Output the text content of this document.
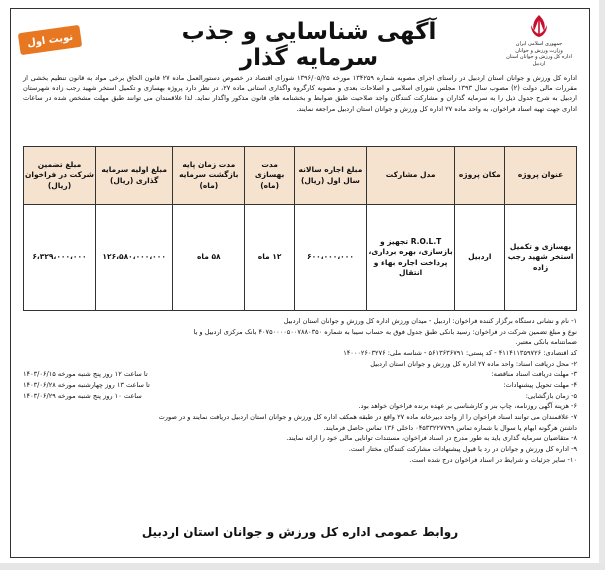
جمهوری اسلامی ایران
وزارت ورزش و جوانان
اداره کل ورزش و جوانان استان اردبیل
آگهی شناسایی و جذب سرمایه گذار
نوبت اول
اداره کل ورزش و جوانان استان اردبیل در راستای اجرای مصوبه شماره ۱۳۴۲۵۹ مورخه ۱۳۹۶/۰۵/۲۵ شورای اقتصاد در خصوص دستورالعمل ماده ۲۷ قانون الحاق برخی مواد به قانون تنظیم بخشی از مقررات مالی دولت (۲) مصوب سال ۱۳۹۳ مجلس شورای اسلامی و اصلاحات بعدی و مصوبه کارگروه واگذاری استانی ماده ۲۷، در نظر دارد پروژه بهسازی و تکمیل استخر شهید رجب زاده شهرستان اردبیل به شرح جدول ذیل را به سرمایه گذاران و مشارکت کنندگان واجد صلاحیت طبق ضوابط و بخشنامه های قانون مذکور واگذار نماید. لذا علاقمندان می توانند طبق مهلت مشخص شده در ساعات اداری جهت تهیه اسناد فراخوان، به واحد ماده ۲۷ اداره کل ورزش و جوانان استان اردبیل مراجعه نمایند.
عنوان پروژه	مکان پروژه	مدل مشارکت	مبلغ اجاره سالانه سال اول (ریال)	مدت بهسازی (ماه)	مدت زمان پایه بازگشت سرمایه (ماه)	مبلغ اولیه سرمایه گذاری (ریال)	مبلغ تضمین شرکت در فراخوان (ریال)
بهسازی و تکمیل استخر شهید رجب زاده	اردبیل	R.O.L.T تجهیز و بازسازی، بهره برداری، پرداخت اجاره بهاء و انتقال	۶۰۰،۰۰۰،۰۰۰	۱۲ ماه	۵۸ ماه	۱۲۶،۵۸۰،۰۰۰،۰۰۰	۶،۳۲۹،۰۰۰،۰۰۰
۱- نام و نشانی دستگاه برگزار کننده فراخوان: اردبیل - میدان ورزش اداره کل ورزش و جوانان استان اردبیل
نوع و مبلغ تضمین شرکت در فراخوان: رسید بانکی طبق جدول فوق به حساب سیبا به شماره ۴۰۷۵۰۰۰۰۵۰۰۷۸۸۰۳۵۰ بانک مرکزی اردبیل و یا
ضمانتنامه بانکی معتبر.
کد اقتصادی: ۴۱۱۴۱۱۳۵۹۷۲۶ - کد پستی: ۵۶۱۳۶۳۶۷۹۱ - شناسه ملی: ۱۴۰۰۰۲۶۰۳۲۷۶
۲- محل دریافت اسناد: واحد ماده ۲۷ اداره کل ورزش و جوانان استان اردبیل
۳- مهلت دریافت اسناد مناقصه:
تا ساعت ۱۲ روز پنج شنبه مورخه ۱۴۰۳/۰۶/۱۵
۴- مهلت تحویل پیشنهادات:
تا ساعت ۱۳ روز چهارشنبه مورخه ۱۴۰۳/۰۶/۲۸
۵- زمان بازگشایی:
ساعت ۱۰ روز پنج شنبه مورخه ۱۴۰۳/۰۶/۲۹
۶- هزینه آگهی روزنامه، چاپ بنر و کارشناسی بر عهده برنده فراخوان خواهد بود.
۷- علاقمندان می توانند اسناد فراخوان را از واحد دبیرخانه ماده ۲۷ واقع در طبقه همکف اداره کل ورزش و جوانان استان اردبیل دریافت نمایند و در صورت
داشتن هرگونه ابهام یا سوال با شماره تماس ۰۴۵۳۳۲۲۷۷۹۹ داخلی ۱۳۶ تماس حاصل فرمایند.
۸- متقاضیان سرمایه گذاری باید به طور مدرج در اسناد فراخوان، مستندات توانایی مالی خود را ارائه نمایند.
۹- اداره کل ورزش و جوانان در رد یا قبول پیشنهادات مشارکت کنندگان مختار است.
۱۰- سایر جزئیات و شرایط در اسناد فراخوان درج شده است.
روابط عمومی اداره کل ورزش و جوانان استان اردبیل
